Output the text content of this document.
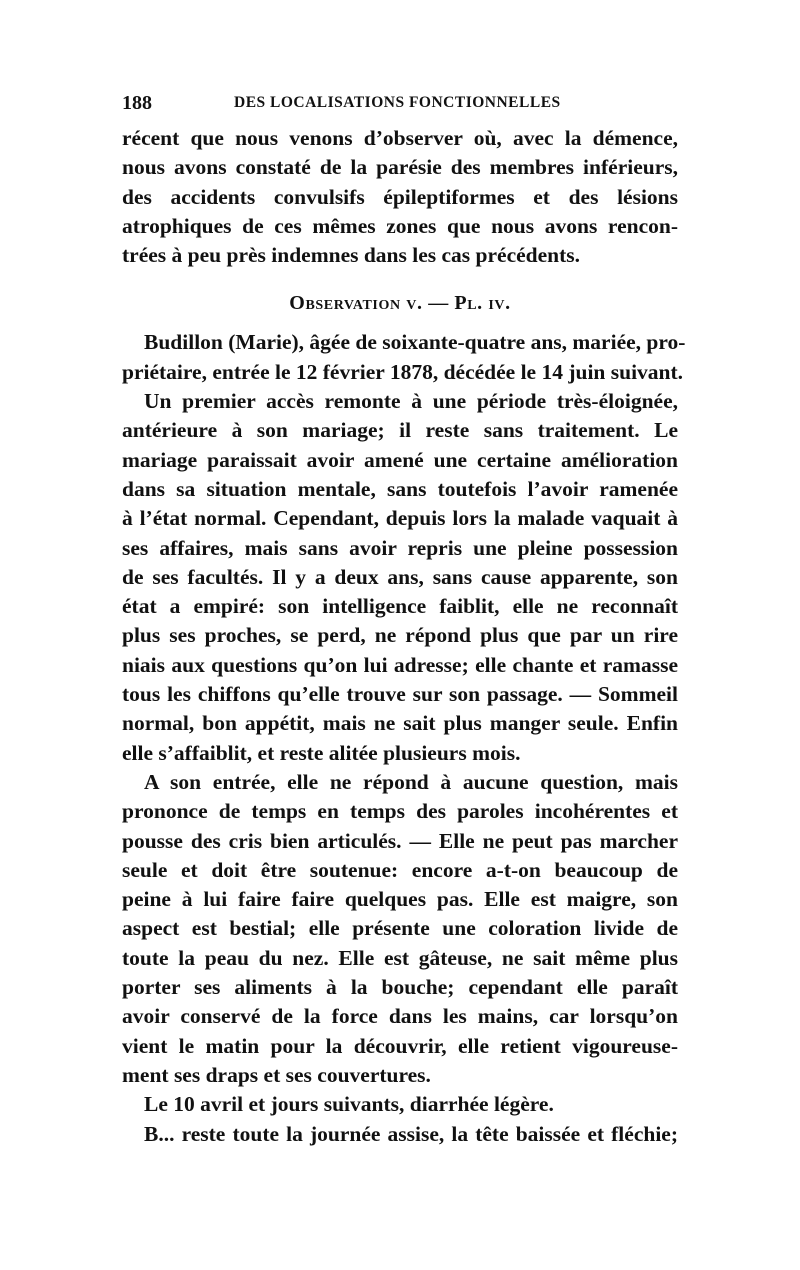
188	DES LOCALISATIONS FONCTIONNELLES
récent que nous venons d’observer où, avec la démence,
nous avons constaté de la parésie des membres inférieurs,
des accidents convulsifs épileptiformes et des lésions
atrophiques de ces mêmes zones que nous avons rencon-
trées à peu près indemnes dans les cas précédents.
Observation v. — Pl. iv.
Budillon (Marie), âgée de soixante-quatre ans, mariée, pro-
priétaire, entrée le 12 février 1878, décédée le 14 juin suivant.
Un premier accès remonte à une période très-éloignée,
antérieure à son mariage; il reste sans traitement. Le
mariage paraissait avoir amené une certaine amélioration
dans sa situation mentale, sans toutefois l’avoir ramenée
à l’état normal. Cependant, depuis lors la malade vaquait à
ses affaires, mais sans avoir repris une pleine possession
de ses facultés. Il y a deux ans, sans cause apparente, son
état a empiré: son intelligence faiblit, elle ne reconnaît
plus ses proches, se perd, ne répond plus que par un rire
niais aux questions qu’on lui adresse; elle chante et ramasse
tous les chiffons qu’elle trouve sur son passage. — Sommeil
normal, bon appétit, mais ne sait plus manger seule. Enfin
elle s’affaiblit, et reste alitée plusieurs mois.
A son entrée, elle ne répond à aucune question, mais
prononce de temps en temps des paroles incohérentes et
pousse des cris bien articulés. — Elle ne peut pas marcher
seule et doit être soutenue: encore a-t-on beaucoup de
peine à lui faire faire quelques pas. Elle est maigre, son
aspect est bestial; elle présente une coloration livide de
toute la peau du nez. Elle est gâteuse, ne sait même plus
porter ses aliments à la bouche; cependant elle paraît
avoir conservé de la force dans les mains, car lorsqu’on
vient le matin pour la découvrir, elle retient vigoureuse-
ment ses draps et ses couvertures.
Le 10 avril et jours suivants, diarrhée légère.
B... reste toute la journée assise, la tête baissée et fléchie;
